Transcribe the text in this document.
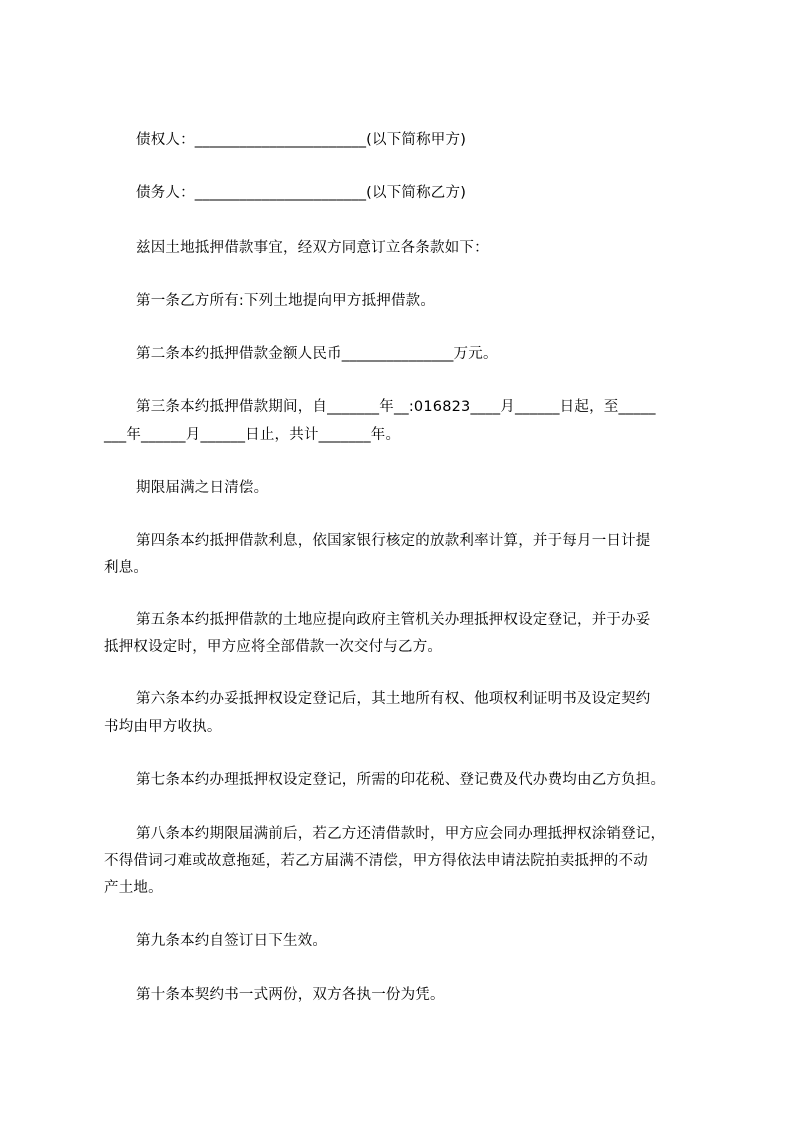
债权人：_______________________(以下简称甲方)
债务人：_______________________(以下简称乙方)
兹因土地抵押借款事宜，经双方同意订立各条款如下：
第一条乙方所有:下列土地提向甲方抵押借款。
第二条本约抵押借款金额人民币_______________万元。
第三条本约抵押借款期间，自_______年__:016823____月______日起，至_____
___年______月______日止，共计_______年。
期限届满之日清偿。
第四条本约抵押借款利息，依国家银行核定的放款利率计算，并于每月一日计提
利息。
第五条本约抵押借款的土地应提向政府主管机关办理抵押权设定登记，并于办妥
抵押权设定时，甲方应将全部借款一次交付与乙方。
第六条本约办妥抵押权设定登记后，其土地所有权、他项权利证明书及设定契约
书均由甲方收执。
第七条本约办理抵押权设定登记，所需的印花税、登记费及代办费均由乙方负担。
第八条本约期限届满前后，若乙方还清借款时，甲方应会同办理抵押权涂销登记，
不得借词刁难或故意拖延，若乙方届满不清偿，甲方得依法申请法院拍卖抵押的不动
产土地。
第九条本约自签订日下生效。
第十条本契约书一式两份，双方各执一份为凭。
